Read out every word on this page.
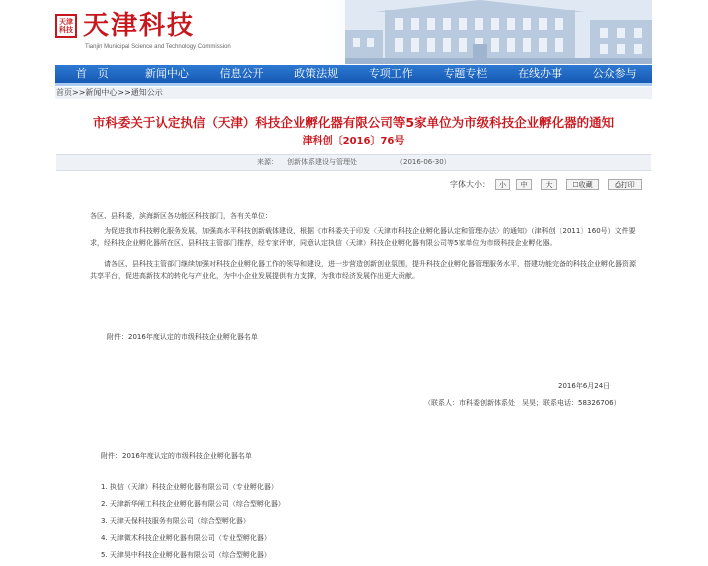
天津
科技 天津科技
Tianjin Municipal Science and Technology Commission
首　页	新闻中心	信息公开	政策法规	专项工作	专题专栏	在线办事	公众参与
首页>>新闻中心>>通知公示
市科委关于认定执信（天津）科技企业孵化器有限公司等5家单位为市级科技企业孵化器的通知
津科创〔2016〕76号
来源： 创新体系建设与管理处	（2016-06-30）
字体大小：	小	中	大	☐收藏	⎙打印

各区、县科委，滨海新区各功能区科技部门，各有关单位：

为促进我市科技孵化服务发展，加强高水平科技创新载体建设，根据《市科委关于印发〈天津市科技企业孵化器认定和管理办法〉的通知》（津科创〔2011〕160号）文件要求，经科技企业孵化器所在区、县科技主管部门推荐，经专家评审，同意认定执信（天津）科技企业孵化器有限公司等5家单位为市级科技企业孵化器。

请各区、县科技主管部门继续加强对科技企业孵化器工作的领导和建设，进一步营造创新创业氛围，提升科技企业孵化器管理服务水平，搭建功能完备的科技企业孵化器资源共享平台，促进高新技术的转化与产业化，为中小企业发展提供有力支撑，为我市经济发展作出更大贡献。

附件：2016年度认定的市级科技企业孵化器名单
2016年6月24日
（联系人：市科委创新体系处　吴昊；联系电话：58326706）
附件：2016年度认定的市级科技企业孵化器名单
1. 执信（天津）科技企业孵化器有限公司（专业孵化器）
2. 天津新华闸工科技企业孵化器有限公司（综合型孵化器）
3. 天津天保科技服务有限公司（综合型孵化器）
4. 天津微术科技企业孵化器有限公司（专业型孵化器）
5. 天津昊中科技企业孵化器有限公司（综合型孵化器）
